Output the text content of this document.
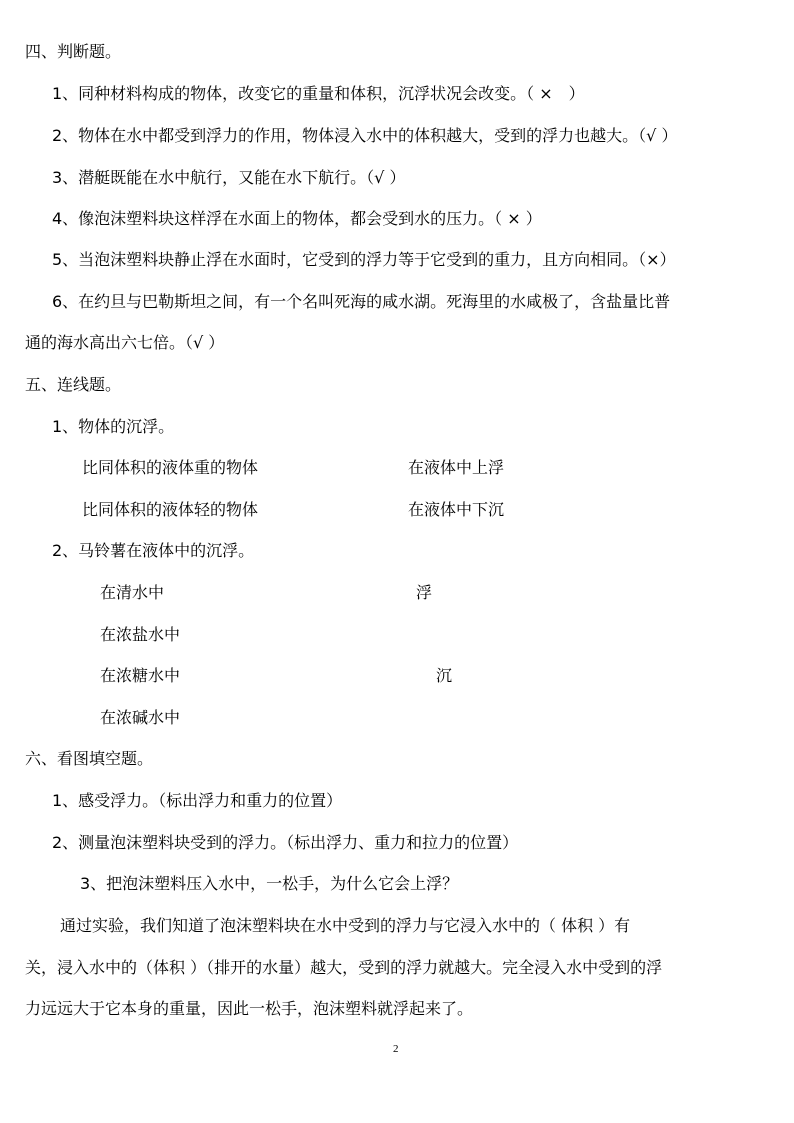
四、判断题。
1、同种材料构成的物体，改变它的重量和体积，沉浮状况会改变。（ ×　）
2、物体在水中都受到浮力的作用，物体浸入水中的体积越大，受到的浮力也越大。（√ ）
3、潜艇既能在水中航行，又能在水下航行。（√ ）
4、像泡沫塑料块这样浮在水面上的物体，都会受到水的压力。（ × ）
5、当泡沫塑料块静止浮在水面时，它受到的浮力等于它受到的重力，且方向相同。（×）
6、在约旦与巴勒斯坦之间，有一个名叫死海的咸水湖。死海里的水咸极了，含盐量比普
通的海水高出六七倍。（√ ）
五、连线题。
1、物体的沉浮。
比同体积的液体重的物体	在液体中上浮
比同体积的液体轻的物体	在液体中下沉
2、马铃薯在液体中的沉浮。
在清水中	浮
在浓盐水中
在浓糖水中	沉
在浓碱水中
六、看图填空题。
1、感受浮力。（标出浮力和重力的位置）
2、测量泡沫塑料块受到的浮力。（标出浮力、重力和拉力的位置）
3、把泡沫塑料压入水中，一松手，为什么它会上浮？
通过实验，我们知道了泡沫塑料块在水中受到的浮力与它浸入水中的（ 体积 ）有
关，浸入水中的（体积 ）（排开的水量）越大，受到的浮力就越大。完全浸入水中受到的浮
力远远大于它本身的重量，因此一松手，泡沫塑料就浮起来了。
2
